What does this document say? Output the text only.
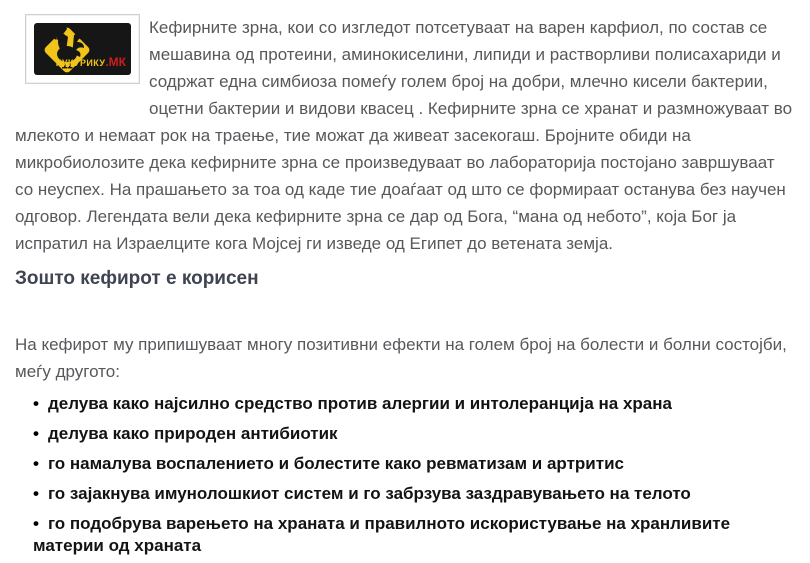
КУКУРИКУ.МК

Кефирните зрна, кои со изгледот потсетуваат на варен карфиол, по состав се мешавина од протеини, аминокиселини, липиди и растворливи полисахариди и содржат една симбиоза помеѓу голем број на добри, млечно кисели бактерии, оцетни бактерии и видови квасец . Кефирните зрна се хранат и размножуваат во млекото и немаат рок на траење, тие можат да живеат засекогаш. Бројните обиди на микробиолозите дека кефирните зрна се произведуваат во лабораторија постојано завршуваат со неуспех. На прашањето за тоа од каде тие доаѓаат од што се формираат останува без научен одговор. Легендата вели дека кефирните зрна се дар од Бога, “мана од небото”, која Бог ја испратил на Израелците кога Мојсеј ги изведе од Египет до ветената земја.

Зошто кефирот е корисен

На кефирот му припишуваат многу позитивни ефекти на голем број на болести и болни состојби, меѓу другото:

• делува како најсилно средство против алергии и интолеранција на храна
• делува како природен антибиотик
• го намалува воспалението и болестите како ревматизам и артритис
• го зајакнува имунолошкиот систем и го забрзува заздравувањето на телото
• го подобрува варењето на храната и правилното искористување на хранливите материи од храната
